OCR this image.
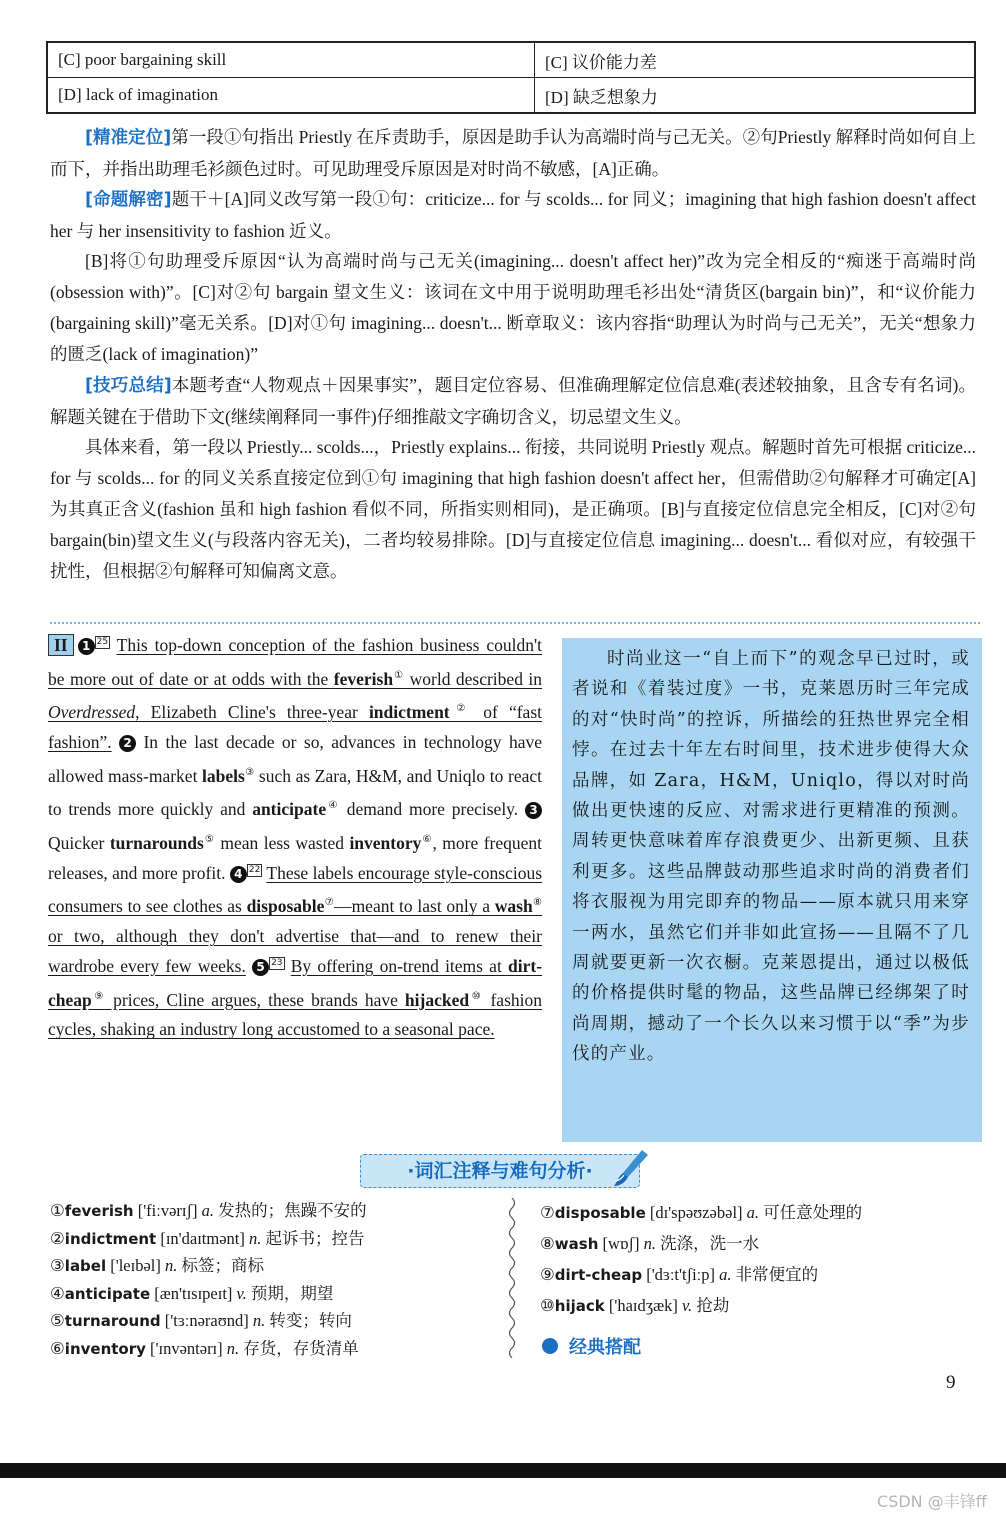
[C] poor bargaining skill	[C] 议价能力差
[D] lack of imagination	[D] 缺乏想象力

[精准定位]第一段①句指出 Priestly 在斥责助手，原因是助手认为高端时尚与己无关。②句Priestly 解释时尚如何自上而下，并指出助理毛衫颜色过时。可见助理受斥原因是对时尚不敏感，[A]正确。

[命题解密]题干＋[A]同义改写第一段①句：criticize... for 与 scolds... for 同义；imagining that high fashion doesn't affect her 与 her insensitivity to fashion 近义。

[B]将①句助理受斥原因“认为高端时尚与己无关(imagining... doesn't affect her)”改为完全相反的“痴迷于高端时尚(obsession with)”。[C]对②句 bargain 望文生义：该词在文中用于说明助理毛衫出处“清货区(bargain bin)”，和“议价能力(bargaining skill)”毫无关系。[D]对①句 imagining... doesn't... 断章取义：该内容指“助理认为时尚与己无关”，无关“想象力的匮乏(lack of imagination)”

[技巧总结]本题考查“人物观点＋因果事实”，题目定位容易、但准确理解定位信息难(表述较抽象，且含专有名词)。解题关键在于借助下文(继续阐释同一事件)仔细推敲文字确切含义，切忌望文生义。

具体来看，第一段以 Priestly... scolds...，Priestly explains... 衔接，共同说明 Priestly 观点。解题时首先可根据 criticize... for 与 scolds... for 的同义关系直接定位到①句 imagining that high fashion doesn't affect her，但需借助②句解释才可确定[A]为其真正含义(fashion 虽和 high fashion 看似不同，所指实则相同)，是正确项。[B]与直接定位信息完全相反，[C]对②句 bargain(bin)望文生义(与段落内容无关)，二者均较易排除。[D]与直接定位信息 imagining... doesn't... 看似对应，有较强干扰性，但根据②句解释可知偏离文意。

II 1 25 This top-down conception of the fashion business couldn't be more out of date or at odds with the feverish① world described in Overdressed, Elizabeth Cline's three-year indictment② of “fast fashion”. 2 In the last decade or so, advances in technology have allowed mass-market labels③ such as Zara, H&M, and Uniqlo to react to trends more quickly and anticipate④ demand more precisely. 3 Quicker turnarounds⑤ mean less wasted inventory⑥, more frequent releases, and more profit. 4 22 These labels encourage style-conscious consumers to see clothes as disposable⑦—meant to last only a wash⑧ or two, although they don't advertise that—and to renew their wardrobe every few weeks. 5 23 By offering on-trend items at dirt-cheap⑨ prices, Cline argues, these brands have hijacked⑩ fashion cycles, shaking an industry long accustomed to a seasonal pace.

时尚业这一“自上而下”的观念早已过时，或者说和《着装过度》一书，克莱恩历时三年完成的对“快时尚”的控诉，所描绘的狂热世界完全相悖。在过去十年左右时间里，技术进步使得大众品牌，如 Zara，H&M，Uniqlo，得以对时尚做出更快速的反应、对需求进行更精准的预测。周转更快意味着库存浪费更少、出新更频、且获利更多。这些品牌鼓动那些追求时尚的消费者们将衣服视为用完即弃的物品——原本就只用来穿一两水，虽然它们并非如此宣扬——且隔不了几周就要更新一次衣橱。克莱恩提出，通过以极低的价格提供时髦的物品，这些品牌已经绑架了时尚周期，撼动了一个长久以来习惯于以“季”为步伐的产业。

·词汇注释与难句分析·
①feverish ['fiːvərɪʃ] a. 发热的；焦躁不安的
②indictment [ɪn'daɪtmənt] n. 起诉书；控告
③label ['leɪbəl] n. 标签；商标
④anticipate [æn'tɪsɪpeɪt] v. 预期，期望
⑤turnaround ['tɜːnəraʊnd] n. 转变；转向
⑥inventory ['ɪnvəntərɪ] n. 存货，存货清单
⑦disposable [dɪ'spəʊzəbəl] a. 可任意处理的
⑧wash [wɒʃ] n. 洗涤，洗一水
⑨dirt-cheap ['dɜːt'tʃiːp] a. 非常便宜的
⑩hijack ['haɪdʒæk] v. 抢劫
经典搭配
9
CSDN @丰锋ff
